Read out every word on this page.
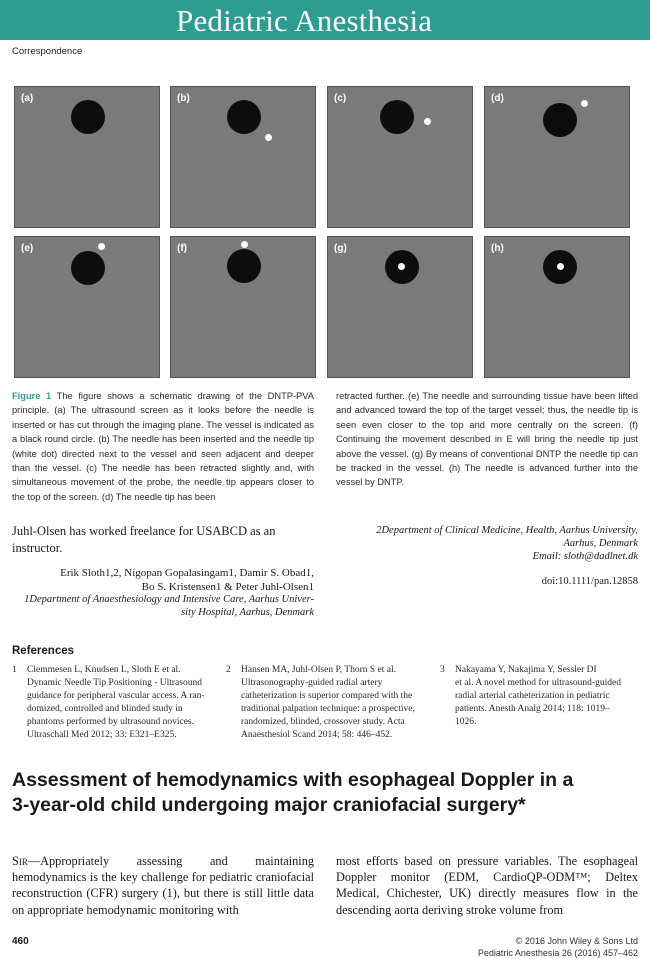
Pediatric Anesthesia
Correspondence
(a)	(b)	(c)	(d)
(e)	(f)	(g)	(h)
Figure 1 The figure shows a schematic drawing of the DNTP-PVA principle. (a) The ultrasound screen as it looks before the needle is inserted or has cut through the imaging plane. The vessel is indicated as a black round circle. (b) The needle has been inserted and the needle tip (white dot) directed next to the vessel and seen adjacent and deeper than the vessel. (c) The needle has been retracted slightly and, with simultaneous movement of the probe, the needle tip appears closer to the top of the screen. (d) The needle tip has been
retracted further. (e) The needle and surrounding tissue have been lifted and advanced toward the top of the target vessel; thus, the needle tip is seen even closer to the top and more centrally on the screen. (f) Continuing the movement described in E will bring the needle tip just above the vessel. (g) By means of conventional DNTP the needle tip can be tracked in the vessel. (h) The needle is advanced further into the vessel by DNTP.
Juhl-Olsen has worked freelance for USABCD as an instructor.
Erik Sloth1,2, Nigopan Gopalasingam1, Damir S. Obad1,
Bo S. Kristensen1 & Peter Juhl-Olsen1
1Department of Anaesthesiology and Intensive Care, Aarhus Univer-
sity Hospital, Aarhus, Denmark
2Department of Clinical Medicine, Health, Aarhus University,
Aarhus, Denmark
Email: sloth@dadlnet.dk
doi:10.1111/pan.12858
References
1 Clemmesen L, Knudsen L, Sloth E et al.
Dynamic Needle Tip Positioning - Ultrasound
guidance for peripheral vascular access. A ran-
domized, controlled and blinded study in
phantoms performed by ultrasound novices.
Ultraschall Med 2012; 33: E321–E325.
2 Hansen MA, Juhl-Olsen P, Thorn S et al.
Ultrasonography-guided radial artery
catheterization is superior compared with the
traditional palpation technique: a prospective,
randomized, blinded, crossover study. Acta
Anaesthesiol Scand 2014; 58: 446–452.
3 Nakayama Y, Nakajima Y, Sessler DI
et al. A novel method for ultrasound-guided
radial arterial catheterization in pediatric
patients. Anesth Analg 2014; 118: 1019–
1026.
Assessment of hemodynamics with esophageal Doppler in a
3-year-old child undergoing major craniofacial surgery*
Sir—Appropriately assessing and maintaining hemodynamics is the key challenge for pediatric craniofacial reconstruction (CFR) surgery (1), but there is still little data on appropriate hemodynamic monitoring with
most efforts based on pressure variables. The esophageal Doppler monitor (EDM, CardioQP-ODM™; Deltex Medical, Chichester, UK) directly measures flow in the descending aorta deriving stroke volume from
460	© 2016 John Wiley & Sons Ltd
Pediatric Anesthesia 26 (2016) 457–462
